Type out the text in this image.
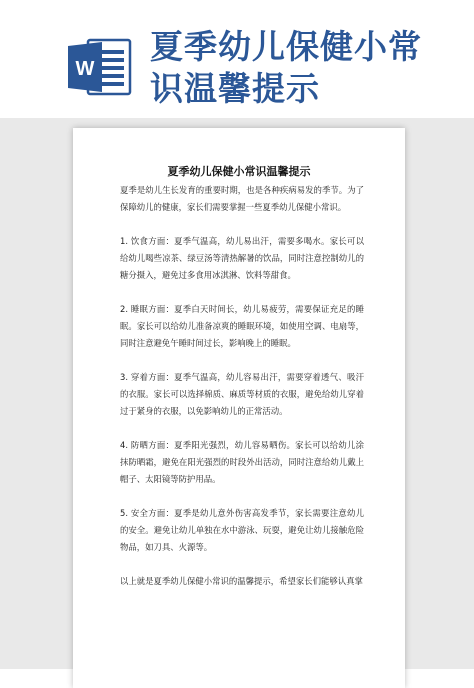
W
夏季幼儿保健小常
识温馨提示
夏季幼儿保健小常识温馨提示

夏季是幼儿生长发育的重要时期，也是各种疾病易发的季节。为了保障幼儿的健康，家长们需要掌握一些夏季幼儿保健小常识。

1. 饮食方面：夏季气温高，幼儿易出汗，需要多喝水。家长可以给幼儿喝些凉茶、绿豆汤等清热解暑的饮品，同时注意控制幼儿的糖分摄入，避免过多食用冰淇淋、饮料等甜食。

2. 睡眠方面：夏季白天时间长，幼儿易疲劳，需要保证充足的睡眠。家长可以给幼儿准备凉爽的睡眠环境，如使用空调、电扇等，同时注意避免午睡时间过长，影响晚上的睡眠。

3. 穿着方面：夏季气温高，幼儿容易出汗，需要穿着透气、吸汗的衣服。家长可以选择棉质、麻质等材质的衣服，避免给幼儿穿着过于紧身的衣服，以免影响幼儿的正常活动。

4. 防晒方面：夏季阳光强烈，幼儿容易晒伤。家长可以给幼儿涂抹防晒霜，避免在阳光强烈的时段外出活动，同时注意给幼儿戴上帽子、太阳镜等防护用品。

5. 安全方面：夏季是幼儿意外伤害高发季节，家长需要注意幼儿的安全。避免让幼儿单独在水中游泳、玩耍，避免让幼儿接触危险物品，如刀具、火源等。

以上就是夏季幼儿保健小常识的温馨提示，希望家长们能够认真掌
